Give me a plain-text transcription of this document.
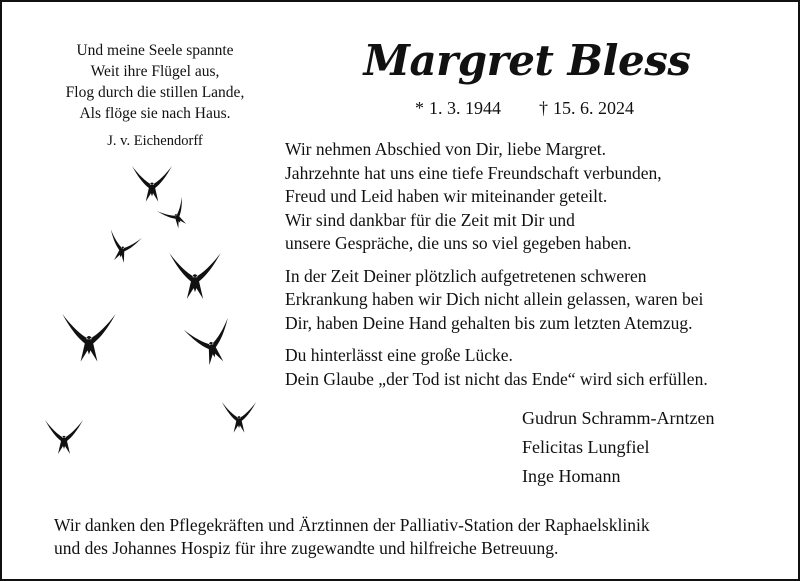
Und meine Seele spannte
Weit ihre Flügel aus,
Flog durch die stillen Lande,
Als flöge sie nach Haus.
J. v. Eichendorff
Margret Bless
* 1. 3. 1944 † 15. 6. 2024

Wir nehmen Abschied von Dir, liebe Margret.
Jahrzehnte hat uns eine tiefe Freundschaft verbunden,
Freud und Leid haben wir miteinander geteilt.
Wir sind dankbar für die Zeit mit Dir und
unsere Gespräche, die uns so viel gegeben haben.

In der Zeit Deiner plötzlich aufgetretenen schweren
Erkrankung haben wir Dich nicht allein gelassen, waren bei
Dir, haben Deine Hand gehalten bis zum letzten Atemzug.

Du hinterlässt eine große Lücke.
Dein Glaube „der Tod ist nicht das Ende“ wird sich erfüllen.

Gudrun Schramm-Arntzen
Felicitas Lungfiel
Inge Homann
Wir danken den Pflegekräften und Ärztinnen der Palliativ-Station der Raphaelsklinik
und des Johannes Hospiz für ihre zugewandte und hilfreiche Betreuung.
